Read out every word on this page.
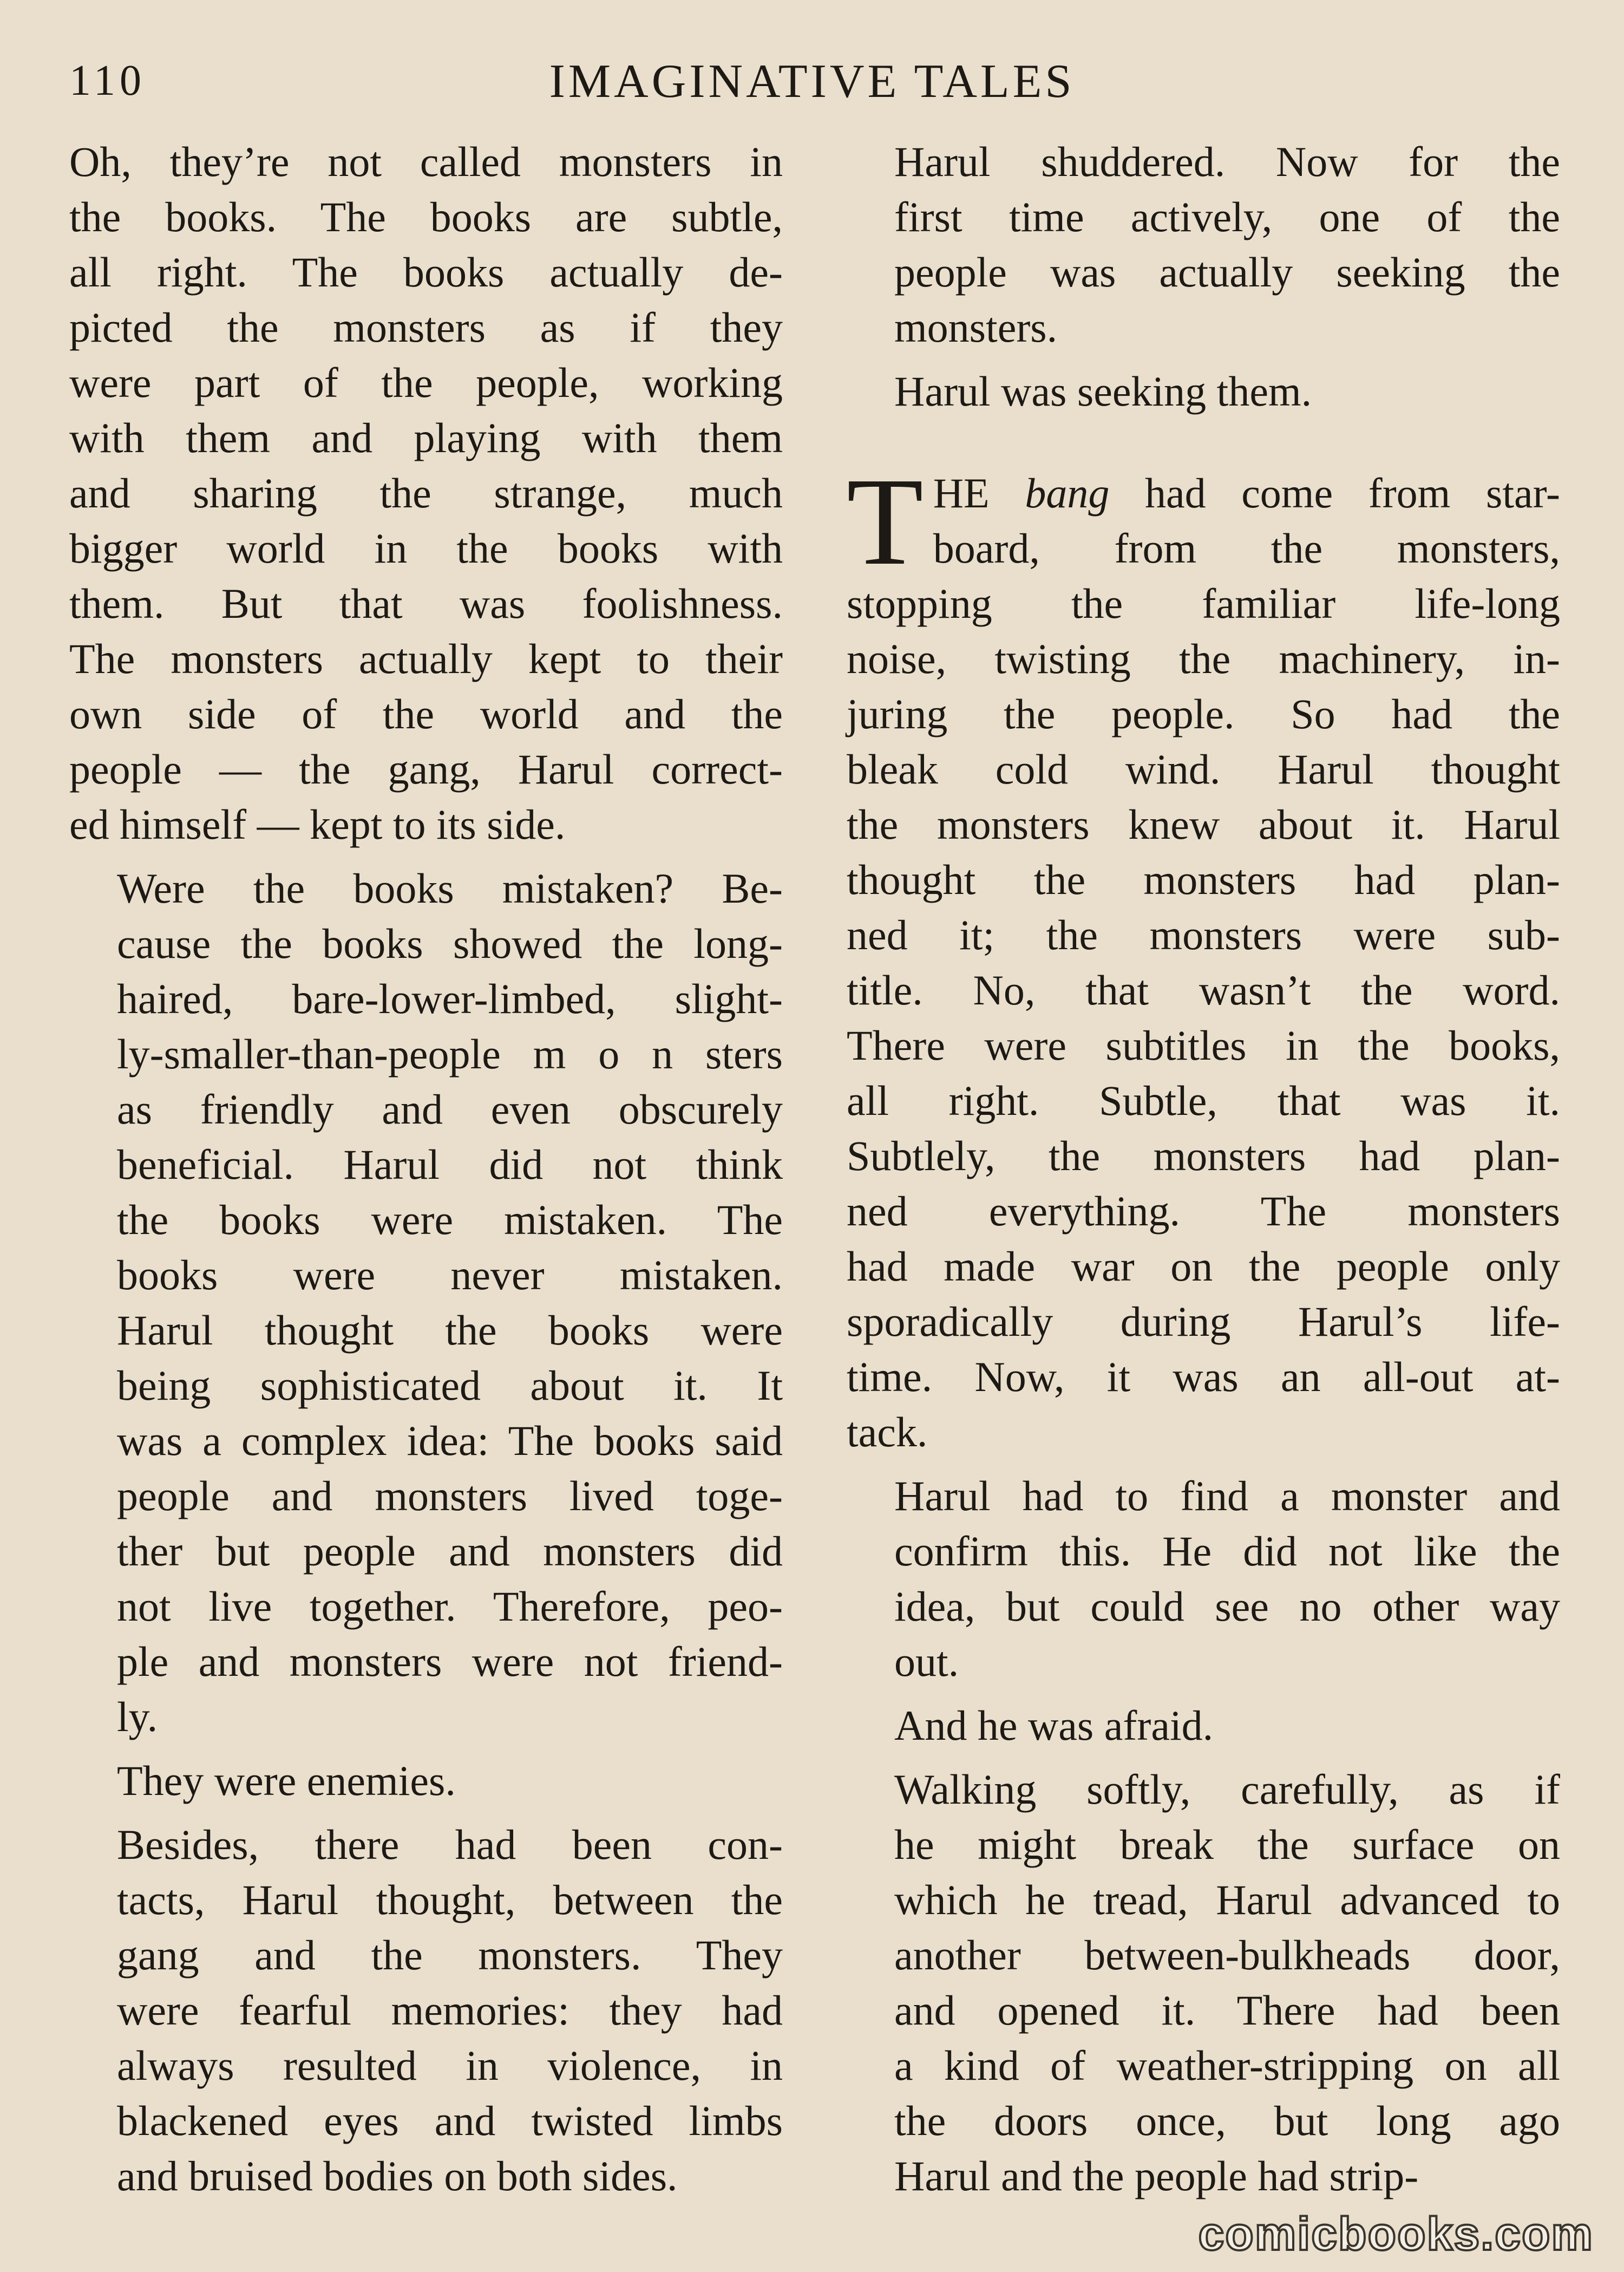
110	IMAGINATIVE TALES
Oh, they’re not called monsters in
the books. The books are subtle,
all right. The books actually de-
picted the monsters as if they
were part of the people, working
with them and playing with them
and sharing the strange, much
bigger world in the books with
them. But that was foolishness.
The monsters actually kept to their
own side of the world and the
people — the gang, Harul correct-
ed himself — kept to its side.
Were the books mistaken? Be-
cause the books showed the long-
haired, bare-lower-limbed, slight-
ly-smaller-than-people m o n sters
as friendly and even obscurely
beneficial. Harul did not think
the books were mistaken. The
books were never mistaken.
Harul thought the books were
being sophisticated about it. It
was a complex idea: The books said
people and monsters lived toge-
ther but people and monsters did
not live together. Therefore, peo-
ple and monsters were not friend-
ly.
They were enemies.
Besides, there had been con-
tacts, Harul thought, between the
gang and the monsters. They
were fearful memories: they had
always resulted in violence, in
blackened eyes and twisted limbs
and bruised bodies on both sides.
Harul shuddered. Now for the
first time actively, one of the
people was actually seeking the
monsters.
Harul was seeking them.
T HE bang had come from star-
board, from the monsters,
stopping the familiar life-long
noise, twisting the machinery, in-
juring the people. So had the
bleak cold wind. Harul thought
the monsters knew about it. Harul
thought the monsters had plan-
ned it; the monsters were sub-
title. No, that wasn’t the word.
There were subtitles in the books,
all right. Subtle, that was it.
Subtlely, the monsters had plan-
ned everything. The monsters
had made war on the people only
sporadically during Harul’s life-
time. Now, it was an all-out at-
tack.
Harul had to find a monster and
confirm this. He did not like the
idea, but could see no other way
out.
And he was afraid.
Walking softly, carefully, as if
he might break the surface on
which he tread, Harul advanced to
another between-bulkheads door,
and opened it. There had been
a kind of weather-stripping on all
the doors once, but long ago
Harul and the people had strip-
comicbooks.com
